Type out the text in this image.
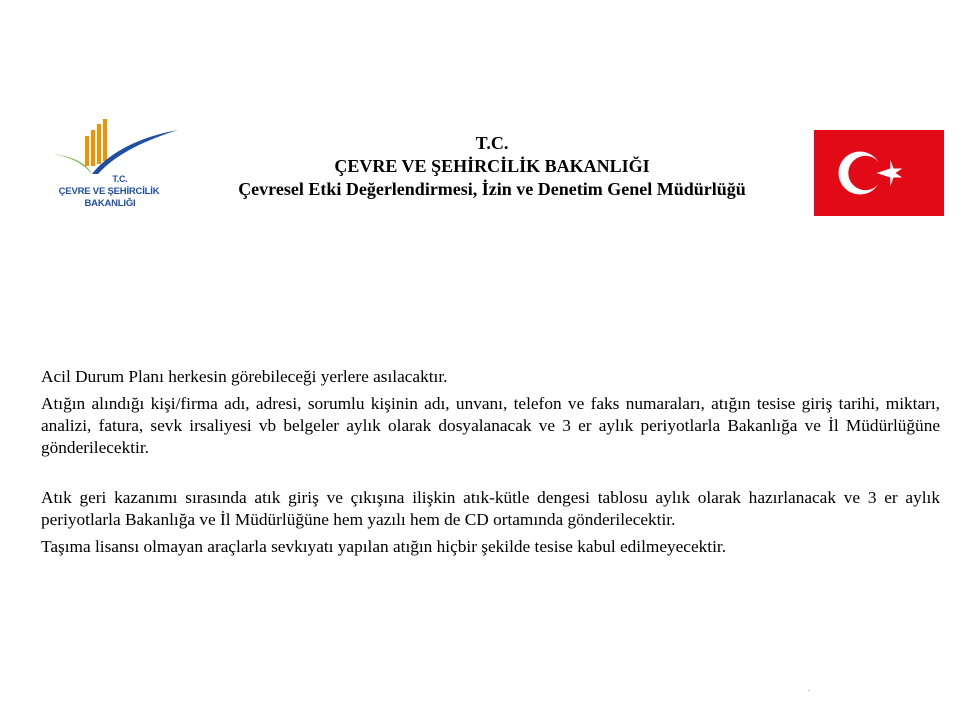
T.C.
ÇEVRE VE ŞEHİRCİLİK
BAKANLIĞI
T.C.
ÇEVRE VE ŞEHİRCİLİK BAKANLIĞI
Çevresel Etki Değerlendirmesi, İzin ve Denetim Genel Müdürlüğü

Acil Durum Planı herkesin görebileceği yerlere asılacaktır.

Atığın alındığı kişi/firma adı, adresi, sorumlu kişinin adı, unvanı, telefon ve faks numaraları, atığın tesise giriş tarihi, miktarı, analizi, fatura, sevk irsaliyesi vb belgeler aylık olarak dosyalanacak ve 3 er aylık periyotlarla Bakanlığa ve İl Müdürlüğüne gönderilecektir.

Atık geri kazanımı sırasında atık giriş ve çıkışına ilişkin atık-kütle dengesi tablosu aylık olarak hazırlanacak ve 3 er aylık periyotlarla Bakanlığa ve İl Müdürlüğüne hem yazılı hem de CD ortamında gönderilecektir.

Taşıma lisansı olmayan araçlarla sevkıyatı yapılan atığın hiçbir şekilde tesise kabul edilmeyecektir.

.
